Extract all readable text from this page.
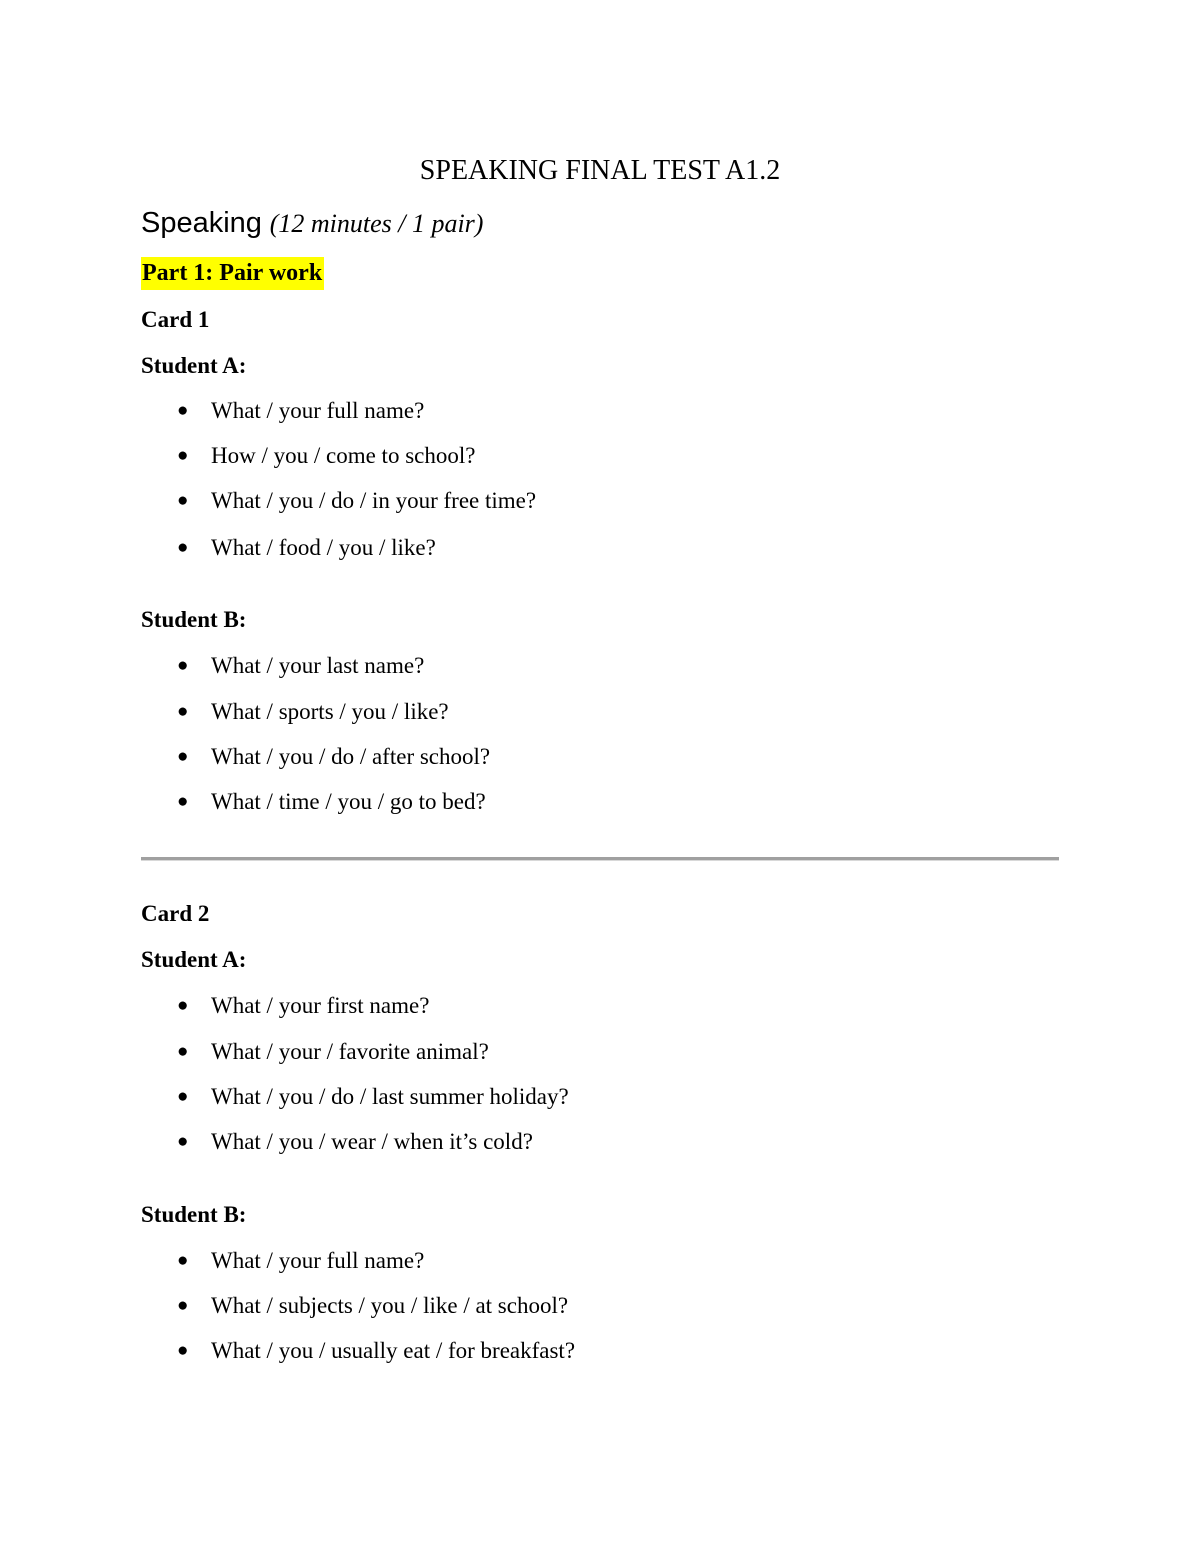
SPEAKING FINAL TEST A1.2
Speaking (12 minutes / 1 pair)
Part 1: Pair work
Card 1
Student A:
● What / your full name?
● How / you / come to school?
● What / you / do / in your free time?
● What / food / you / like?
Student B:
● What / your last name?
● What / sports / you / like?
● What / you / do / after school?
● What / time / you / go to bed?
Card 2
Student A:
● What / your first name?
● What / your / favorite animal?
● What / you / do / last summer holiday?
● What / you / wear / when it’s cold?
Student B:
● What / your full name?
● What / subjects / you / like / at school?
● What / you / usually eat / for breakfast?
